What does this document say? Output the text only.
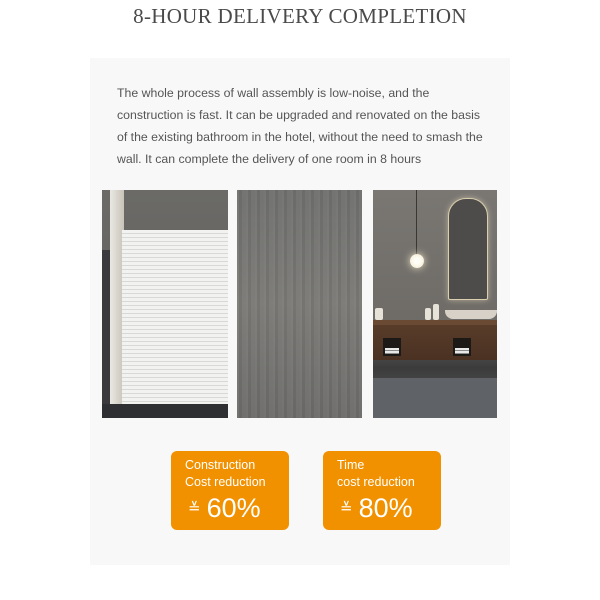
8-HOUR DELIVERY COMPLETION
The whole process of wall assembly is low-noise, and the construction is fast. It can be upgraded and renovated on the basis of the existing bathroom in the hotel, without the need to smash the wall. It can complete the delivery of one room in 8 hours
Construction
Cost reduction
≚ 60%
Time
cost reduction
≚ 80%
